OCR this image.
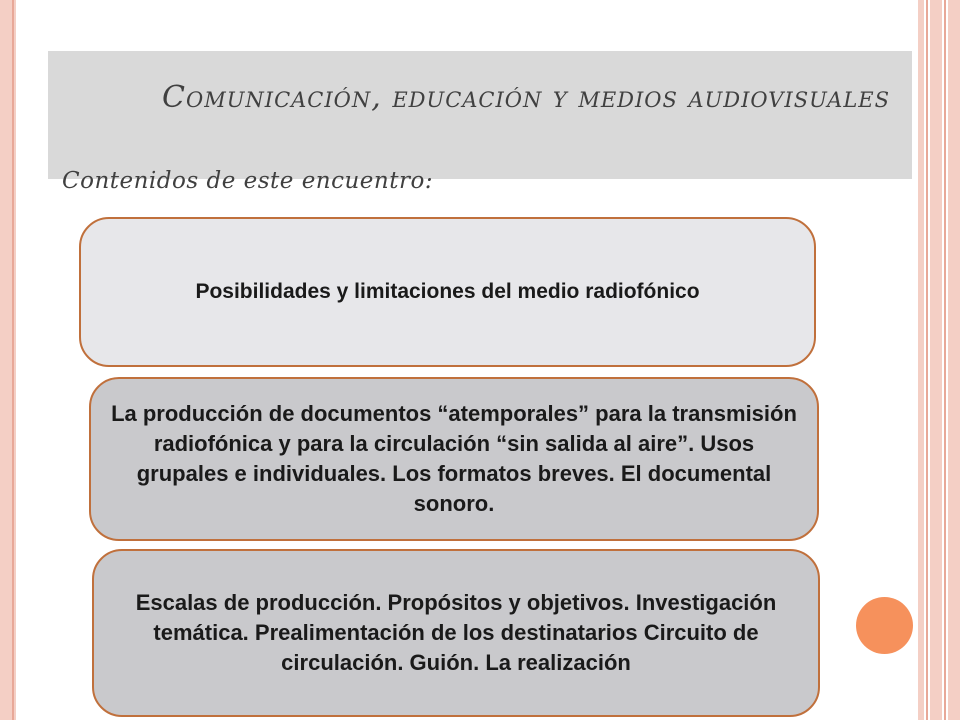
Comunicación, educación y medios audiovisuales
Contenidos de este encuentro:
Posibilidades y limitaciones del medio radiofónico
La producción de documentos “atemporales” para la transmisión radiofónica y para la circulación “sin salida al aire”. Usos grupales e individuales. Los formatos breves. El documental sonoro.
Escalas de producción. Propósitos y objetivos. Investigación temática. Prealimentación de los destinatarios Circuito de circulación. Guión. La realización
